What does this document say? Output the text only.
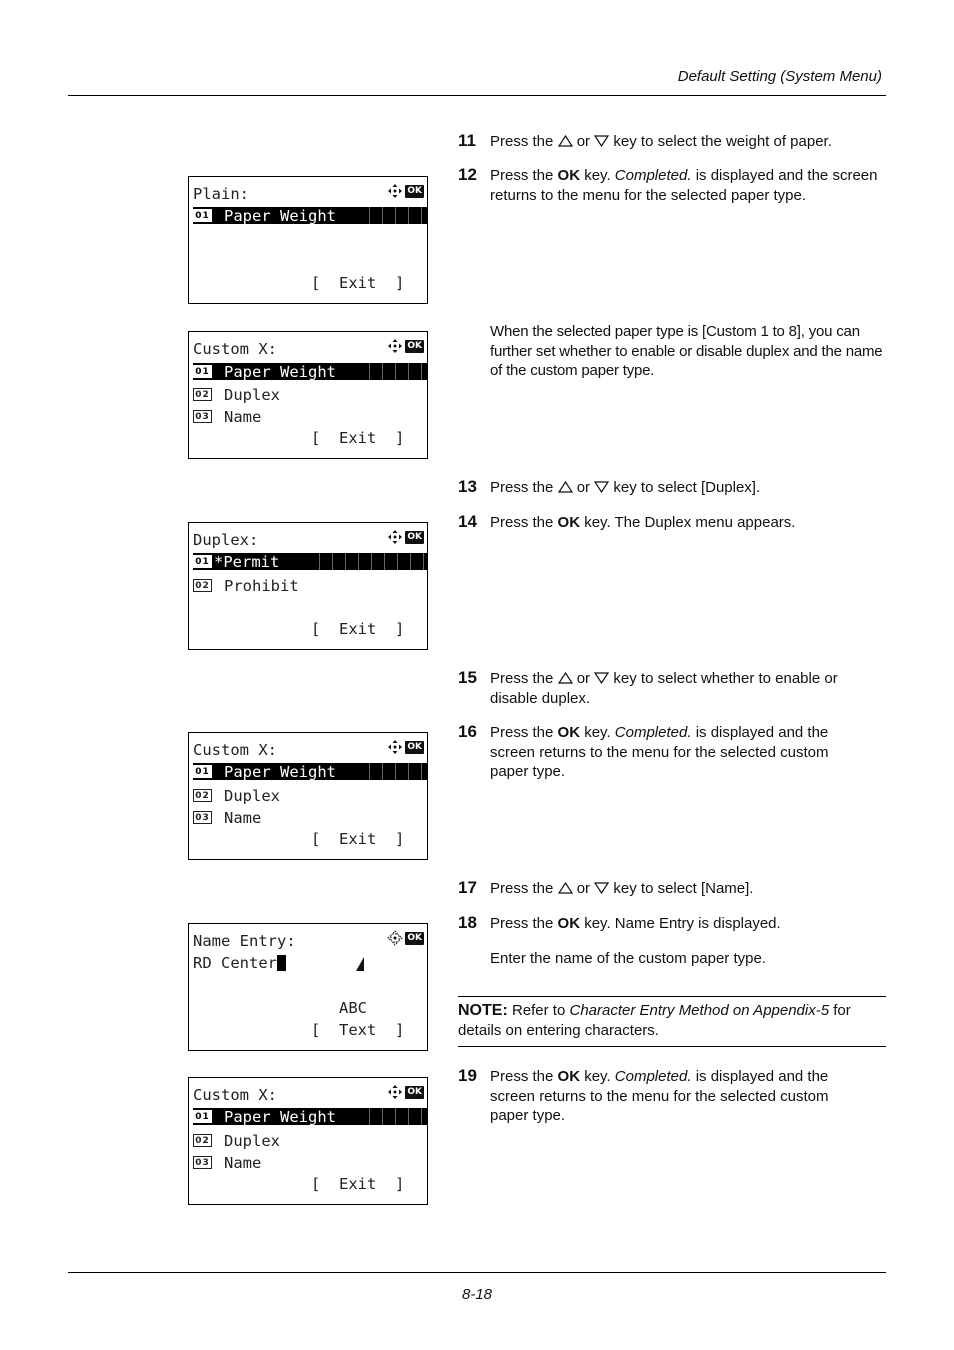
Default Setting (System Menu)
8-18
Plain:	OK
01 Paper Weight
[  Exit  ]
Custom X:	OK
01 Paper Weight
02 Duplex
03 Name
[  Exit  ]
Duplex:	OK
01 *Permit
02 Prohibit
[  Exit  ]
Custom X:	OK
01 Paper Weight
02 Duplex
03 Name
[  Exit  ]
Name Entry:	OK
RD Center
ABC
[  Text  ]
Custom X:	OK
01 Paper Weight
02 Duplex
03 Name
[  Exit  ]
11 Press the or key to select the weight of paper.
12 Press the OK key. Completed. is displayed and the screen returns to the menu for the selected paper type.
When the selected paper type is [Custom 1 to 8], you can further set whether to enable or disable duplex and the name of the custom paper type.
13 Press the or key to select [Duplex].
14 Press the OK key. The Duplex menu appears.
15 Press the or key to select whether to enable or disable duplex.
16 Press the OK key. Completed. is displayed and the screen returns to the menu for the selected custom paper type.
17 Press the or key to select [Name].
18 Press the OK key. Name Entry is displayed.
Enter the name of the custom paper type.
NOTE: Refer to Character Entry Method on Appendix-5 for details on entering characters.
19 Press the OK key. Completed. is displayed and the screen returns to the menu for the selected custom paper type.
